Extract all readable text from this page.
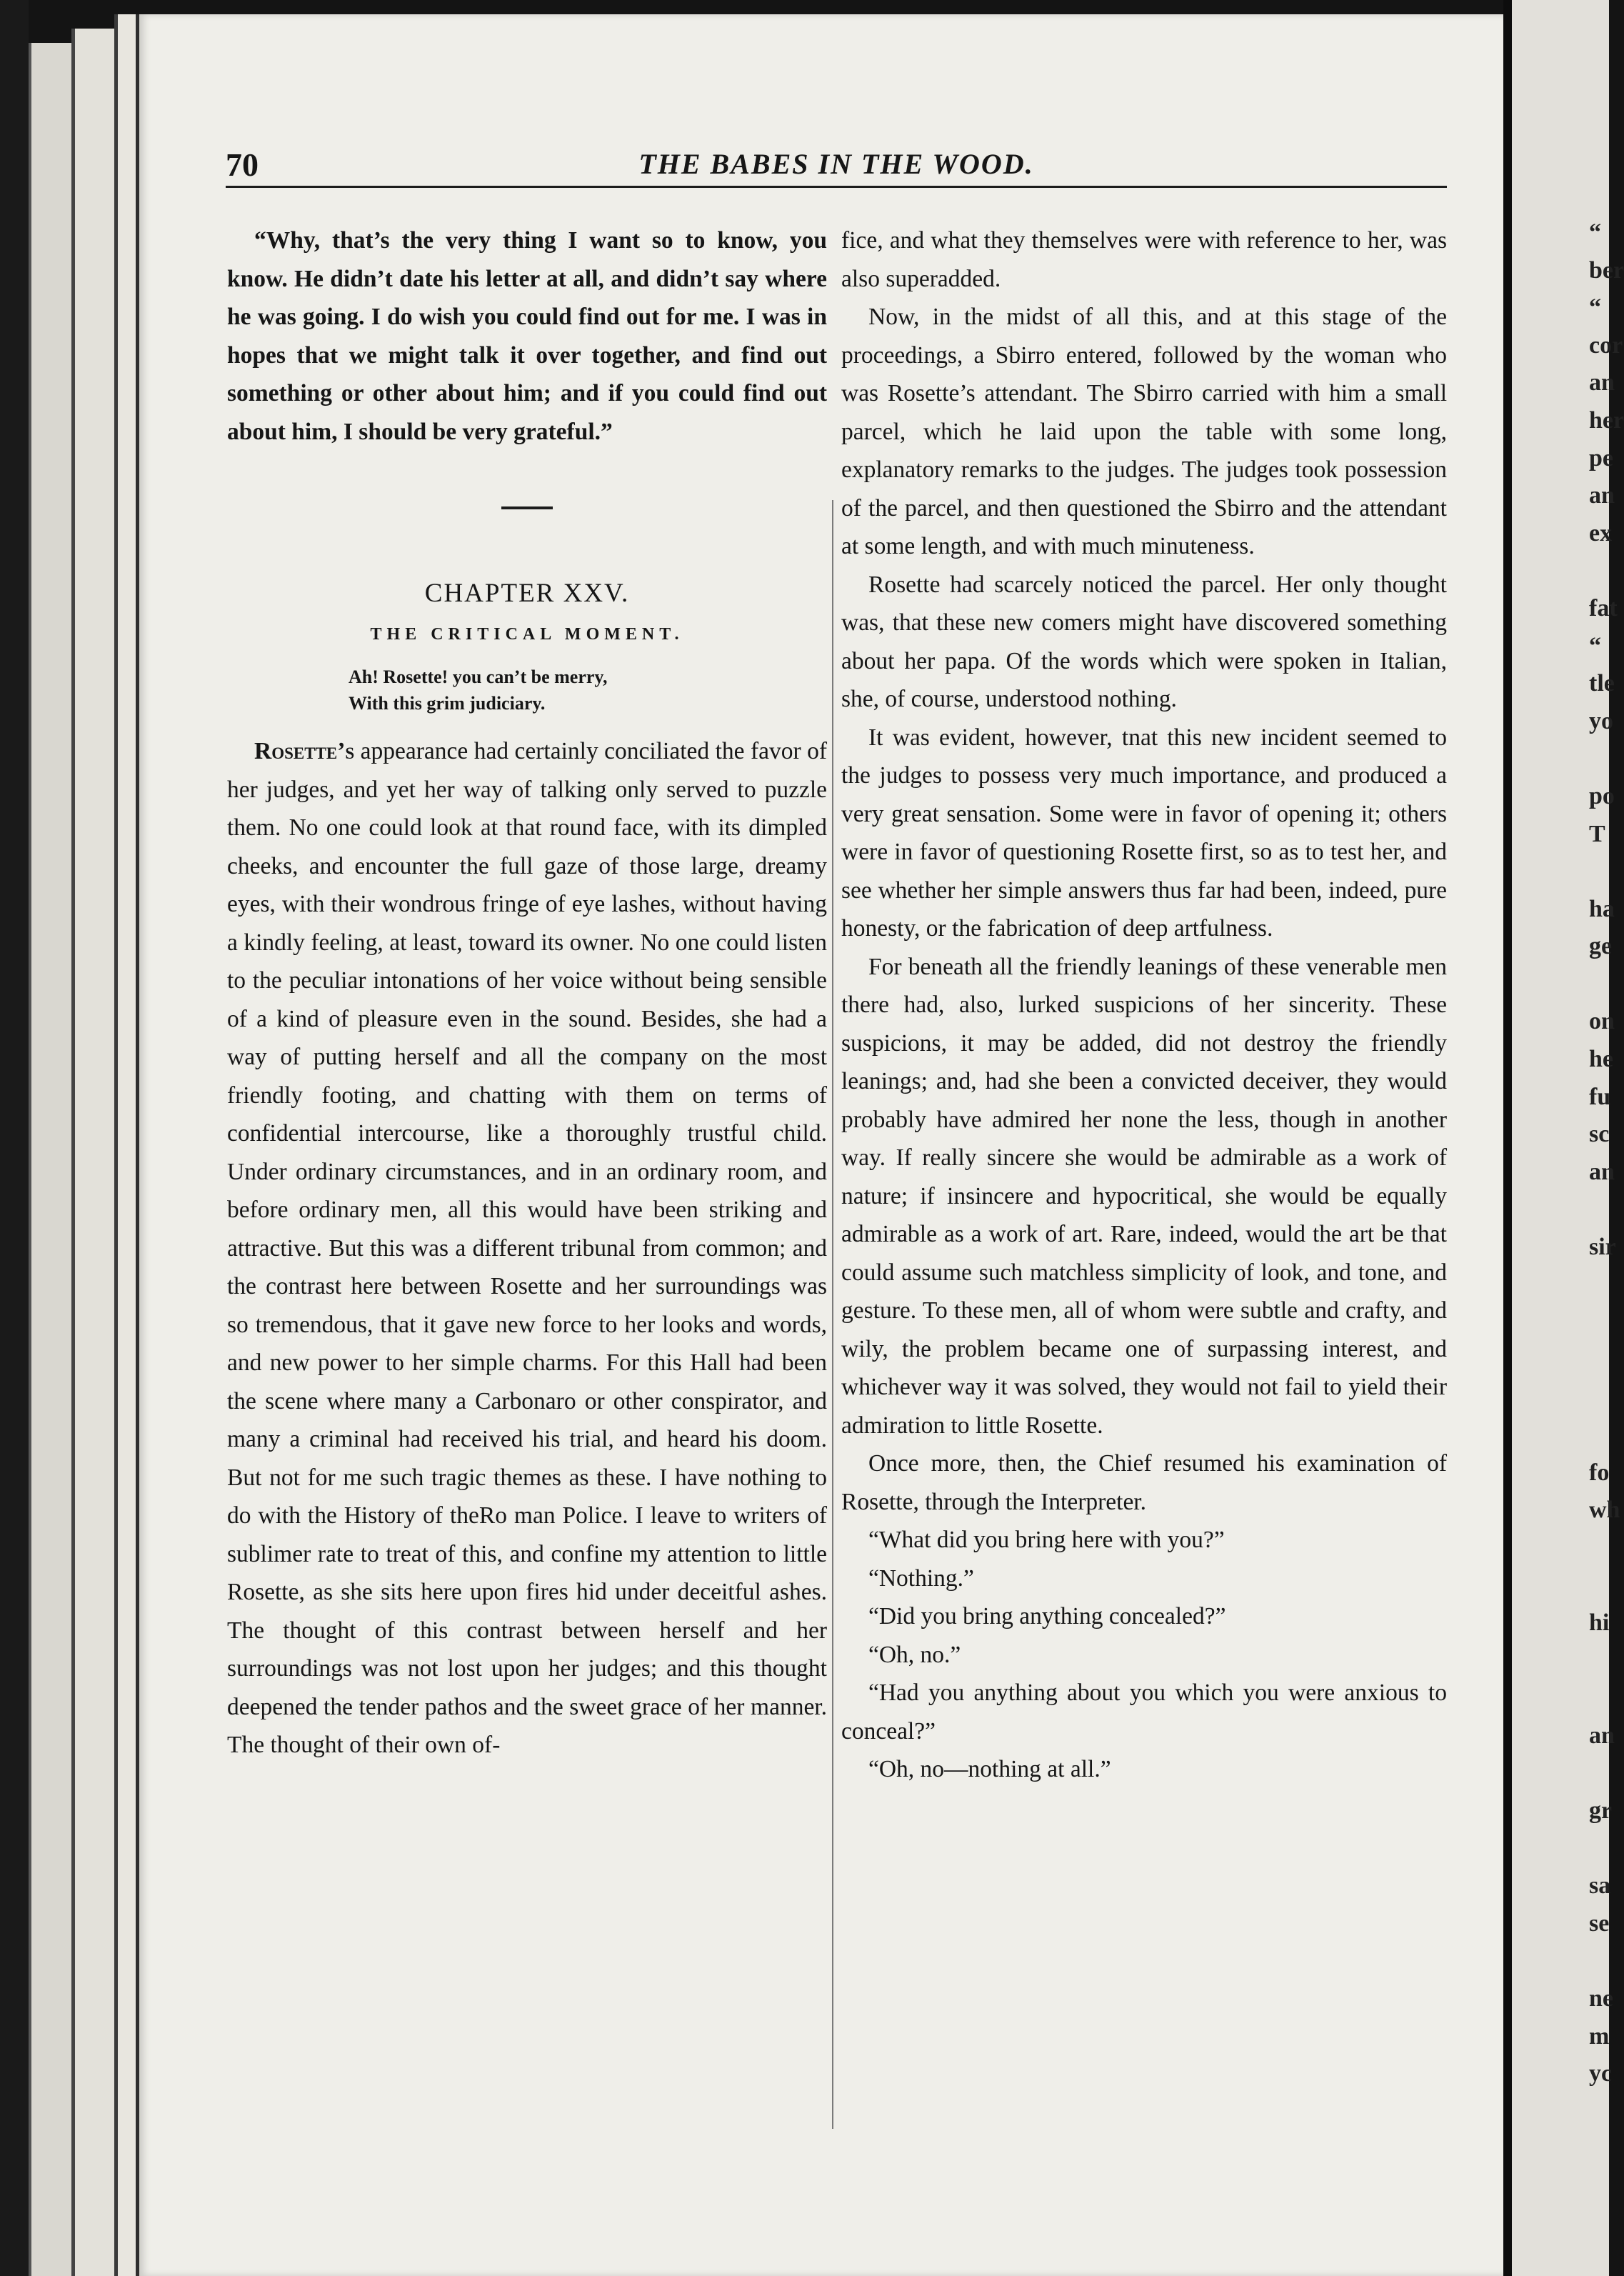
“
ber
“
cor
an
her
pe
an
ex
fat
“
tle
yo
po
T
ha
ge
on
he
fu
sc
an
sir
fo
wh
hi
an
gr
sa
se
ne
m
yc
70	THE BABES IN THE WOOD.

“Why, that’s the very thing I want so to know, you know. He didn’t date his letter at all, and didn’t say where he was going. I do wish you could find out for me. I was in hopes that we might talk it over together, and find out something or other about him; and if you could find out about him, I should be very grateful.”

CHAPTER XXV.
THE CRITICAL MOMENT.
Ah! Rosette! you can’t be merry,
With this grim judiciary.

Rosette’s appearance had certainly conciliated the favor of her judges, and yet her way of talking only served to puzzle them. No one could look at that round face, with its dimpled cheeks, and encounter the full gaze of those large, dreamy eyes, with their wondrous fringe of eye lashes, without having a kindly feeling, at least, toward its owner. No one could listen to the peculiar intonations of her voice without being sensible of a kind of pleasure even in the sound. Besides, she had a way of putting herself and all the company on the most friendly footing, and chatting with them on terms of confidential intercourse, like a thoroughly trustful child. Under ordinary circumstances, and in an ordinary room, and before ordinary men, all this would have been striking and attractive. But this was a different tribunal from common; and the contrast here between Rosette and her surroundings was so tremendous, that it gave new force to her looks and words, and new power to her simple charms. For this Hall had been the scene where many a Carbonaro or other conspirator, and many a criminal had received his trial, and heard his doom. But not for me such tragic themes as these. I have nothing to do with the History of theRo man Police. I leave to writers of sublimer rate to treat of this, and confine my attention to little Rosette, as she sits here upon fires hid under deceitful ashes. The thought of this contrast between herself and her surroundings was not lost upon her judges; and this thought deepened the tender pathos and the sweet grace of her manner. The thought of their own of-

fice, and what they themselves were with reference to her, was also superadded.

Now, in the midst of all this, and at this stage of the proceedings, a Sbirro entered, followed by the woman who was Rosette’s attendant. The Sbirro carried with him a small parcel, which he laid upon the table with some long, explanatory remarks to the judges. The judges took possession of the parcel, and then questioned the Sbirro and the attendant at some length, and with much minuteness.

Rosette had scarcely noticed the parcel. Her only thought was, that these new comers might have discovered something about her papa. Of the words which were spoken in Italian, she, of course, understood nothing.

It was evident, however, tnat this new incident seemed to the judges to possess very much importance, and produced a very great sensation. Some were in favor of opening it; others were in favor of questioning Rosette first, so as to test her, and see whether her simple answers thus far had been, indeed, pure honesty, or the fabrication of deep artfulness.

For beneath all the friendly leanings of these venerable men there had, also, lurked suspicions of her sincerity. These suspicions, it may be added, did not destroy the friendly leanings; and, had she been a convicted deceiver, they would probably have admired her none the less, though in another way. If really sincere she would be admirable as a work of nature; if insincere and hypocritical, she would be equally admirable as a work of art. Rare, indeed, would the art be that could assume such matchless simplicity of look, and tone, and gesture. To these men, all of whom were subtle and crafty, and wily, the problem became one of surpassing interest, and whichever way it was solved, they would not fail to yield their admiration to little Rosette.

Once more, then, the Chief resumed his examination of Rosette, through the Interpreter.

“What did you bring here with you?”

“Nothing.”

“Did you bring anything concealed?”

“Oh, no.”

“Had you anything about you which you were anxious to conceal?”

“Oh, no—nothing at all.”
